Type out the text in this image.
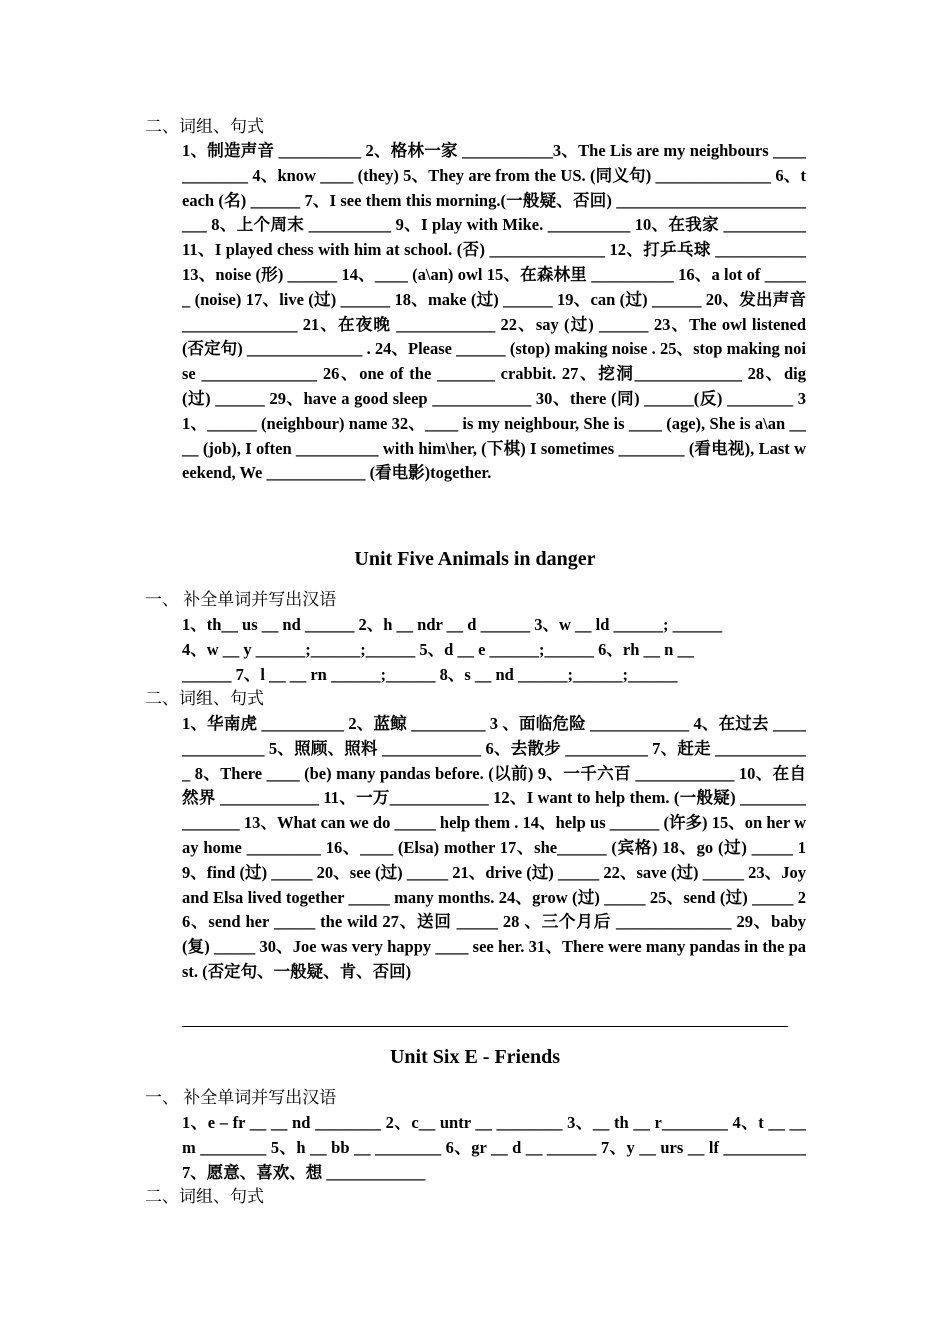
二、词组、句式
1、制造声音 __________ 2、格林一家 ___________3、The Lis are my neighbours ____________ 4、know ____ (they) 5、They are from the US. (同义句) ______________ 6、teach (名) ______ 7、I see them this morning.(一般疑、否回) __________________________ 8、上个周末 __________ 9、I play with Mike. __________ 10、在我家 __________ 11、I played chess with him at school. (否) ______________ 12、打乒乓球 ___________ 13、noise (形) ______ 14、____ (a\an) owl 15、在森林里 __________ 16、a lot of ______ (noise) 17、live (过) ______ 18、make (过) ______ 19、can (过) ______ 20、发出声音 ______________ 21、在夜晚 ____________ 22、say (过) ______ 23、The owl listened (否定句) ______________ . 24、Please ______ (stop) making noise . 25、stop making noise ______________ 26、one of the _______ crabbit. 27、挖洞_____________ 28、dig (过) ______ 29、have a good sleep ____________ 30、there (同) ______(反) ________ 31、______ (neighbour) name 32、____ is my neighbour, She is ____ (age), She is a\an ____ (job), I often __________ with him\her, (下棋) I sometimes ________ (看电视), Last weekend, We ____________ (看电影)together.
Unit Five Animals in danger
一、 补全单词并写出汉语
1、th__ us __ nd ______ 2、h __ ndr __ d ______ 3、w __ ld ______; ______
4、w __ y ______;______;______ 5、d __ e ______;______ 6、rh __ n __
______ 7、l __ __ rn ______;______ 8、s __ nd ______;______;______
二、词组、句式
1、华南虎 __________ 2、蓝鲸 _________ 3 、面临危险 ____________ 4、在过去 ______________ 5、照顾、照料 ____________ 6、去散步 __________ 7、赶走 ____________ 8、There ____ (be) many pandas before. (以前) 9、一千六百 ____________ 10、在自然界 ____________ 11、一万____________ 12、I want to help them. (一般疑) _______________ 13、What can we do _____ help them . 14、help us ______ (许多) 15、on her way home _________ 16、____ (Elsa) mother 17、she______ (宾格) 18、go (过) _____ 19、find (过) _____ 20、see (过) _____ 21、drive (过) _____ 22、save (过) _____ 23、Joy and Elsa lived together _____ many months. 24、grow (过) _____ 25、send (过) _____ 26、send her _____ the wild 27、送回 _____ 28 、三个月后 ______________ 29、baby (复) _____ 30、Joe was very happy ____ see her. 31、There were many pandas in the past. (否定句、一般疑、肯、否回)
Unit Six E - Friends
一、 补全单词并写出汉语
1、e – fr __ __ nd ________ 2、c__ untr __ ________ 3、__ th __ r________ 4、t __ __ m ________ 5、h __ bb __ ________ 6、gr __ d __ ______ 7、y __ urs __ lf __________ 7、愿意、喜欢、想 ____________
二、词组、句式
